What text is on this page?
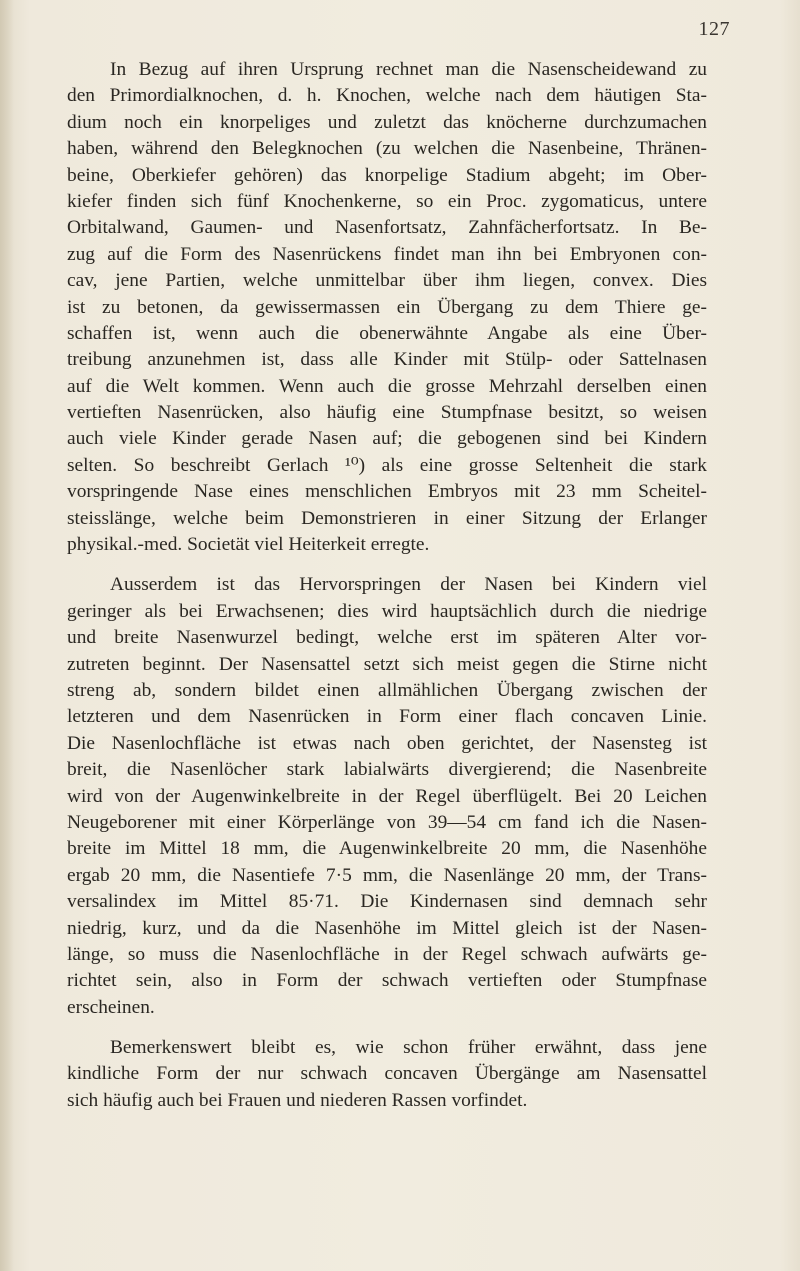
127

In Bezug auf ihren Ursprung rechnet man die Nasenscheidewand zu
den Primordialknochen, d. h. Knochen, welche nach dem häutigen Sta-
dium noch ein knorpeliges und zuletzt das knöcherne durchzumachen
haben, während den Belegknochen (zu welchen die Nasenbeine, Thränen-
beine, Oberkiefer gehören) das knorpelige Stadium abgeht; im Ober-
kiefer finden sich fünf Knochenkerne, so ein Proc. zygomaticus, untere
Orbitalwand, Gaumen- und Nasenfortsatz, Zahnfächerfortsatz. In Be-
zug auf die Form des Nasenrückens findet man ihn bei Embryonen con-
cav, jene Partien, welche unmittelbar über ihm liegen, convex. Dies
ist zu betonen, da gewissermassen ein Übergang zu dem Thiere ge-
schaffen ist, wenn auch die obenerwähnte Angabe als eine Über-
treibung anzunehmen ist, dass alle Kinder mit Stülp- oder Sattelnasen
auf die Welt kommen. Wenn auch die grosse Mehrzahl derselben einen
vertieften Nasenrücken, also häufig eine Stumpfnase besitzt, so weisen
auch viele Kinder gerade Nasen auf; die gebogenen sind bei Kindern
selten. So beschreibt Gerlach ¹⁰) als eine grosse Seltenheit die stark
vorspringende Nase eines menschlichen Embryos mit 23 mm Scheitel-
steisslänge, welche beim Demonstrieren in einer Sitzung der Erlanger
physikal.-med. Societät viel Heiterkeit erregte.

Ausserdem ist das Hervorspringen der Nasen bei Kindern viel
geringer als bei Erwachsenen; dies wird hauptsächlich durch die niedrige
und breite Nasenwurzel bedingt, welche erst im späteren Alter vor-
zutreten beginnt. Der Nasensattel setzt sich meist gegen die Stirne nicht
streng ab, sondern bildet einen allmählichen Übergang zwischen der
letzteren und dem Nasenrücken in Form einer flach concaven Linie.
Die Nasenlochfläche ist etwas nach oben gerichtet, der Nasensteg ist
breit, die Nasenlöcher stark labialwärts divergierend; die Nasenbreite
wird von der Augenwinkelbreite in der Regel überflügelt. Bei 20 Leichen
Neugeborener mit einer Körperlänge von 39—54 cm fand ich die Nasen-
breite im Mittel 18 mm, die Augenwinkelbreite 20 mm, die Nasenhöhe
ergab 20 mm, die Nasentiefe 7·5 mm, die Nasenlänge 20 mm, der Trans-
versalindex im Mittel 85·71. Die Kindernasen sind demnach sehr
niedrig, kurz, und da die Nasenhöhe im Mittel gleich ist der Nasen-
länge, so muss die Nasenlochfläche in der Regel schwach aufwärts ge-
richtet sein, also in Form der schwach vertieften oder Stumpfnase
erscheinen.

Bemerkenswert bleibt es, wie schon früher erwähnt, dass jene
kindliche Form der nur schwach concaven Übergänge am Nasensattel
sich häufig auch bei Frauen und niederen Rassen vorfindet.
